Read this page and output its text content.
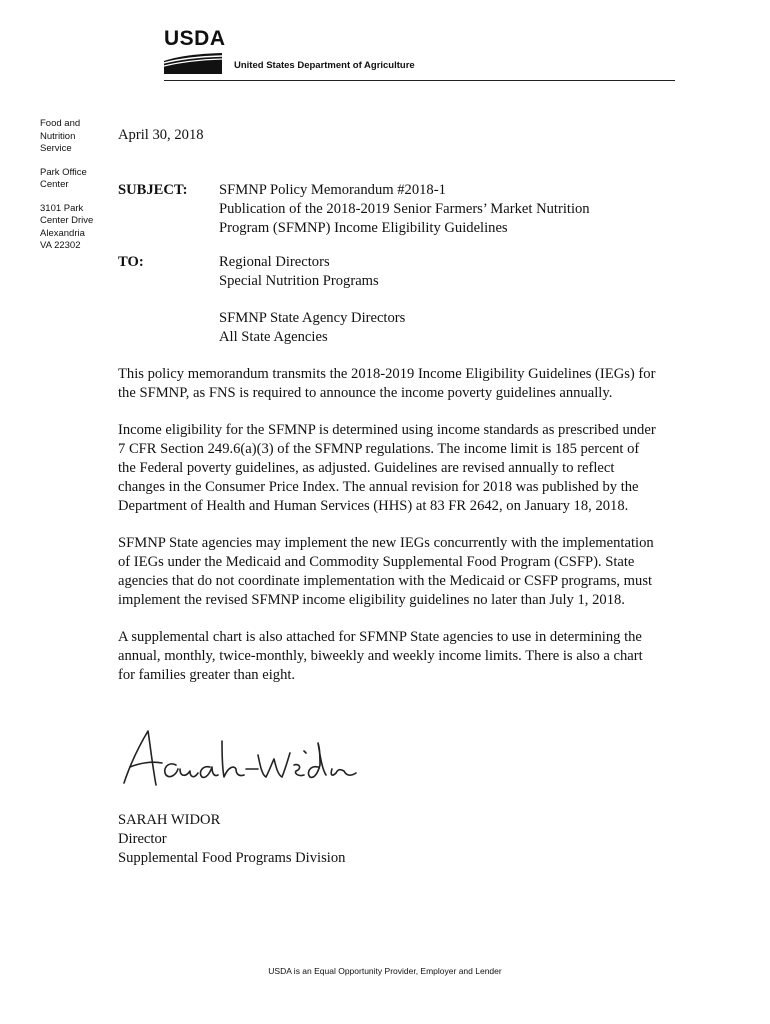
USDA
United States Department of Agriculture
Food and
Nutrition
Service
Park Office
Center
3101 Park
Center Drive
Alexandria
VA 22302

April 30, 2018

SUBJECT:	SFMNP Policy Memorandum #2018-1
Publication of the 2018-2019 Senior Farmers’ Market Nutrition
Program (SFMNP) Income Eligibility Guidelines
TO:	Regional Directors
Special Nutrition Programs
SFMNP State Agency Directors
All State Agencies

This policy memorandum transmits the 2018-2019 Income Eligibility Guidelines (IEGs) for the SFMNP, as FNS is required to announce the income poverty guidelines annually.

Income eligibility for the SFMNP is determined using income standards as prescribed under 7 CFR Section 249.6(a)(3) of the SFMNP regulations. The income limit is 185 percent of the Federal poverty guidelines, as adjusted. Guidelines are revised annually to reflect changes in the Consumer Price Index. The annual revision for 2018 was published by the Department of Health and Human Services (HHS) at 83 FR 2642, on January 18, 2018.

SFMNP State agencies may implement the new IEGs concurrently with the implementation of IEGs under the Medicaid and Commodity Supplemental Food Program (CSFP). State agencies that do not coordinate implementation with the Medicaid or CSFP programs, must implement the revised SFMNP income eligibility guidelines no later than July 1, 2018.

A supplemental chart is also attached for SFMNP State agencies to use in determining the annual, monthly, twice-monthly, biweekly and weekly income limits. There is also a chart for families greater than eight.

SARAH WIDOR
Director
Supplemental Food Programs Division
USDA is an Equal Opportunity Provider, Employer and Lender
